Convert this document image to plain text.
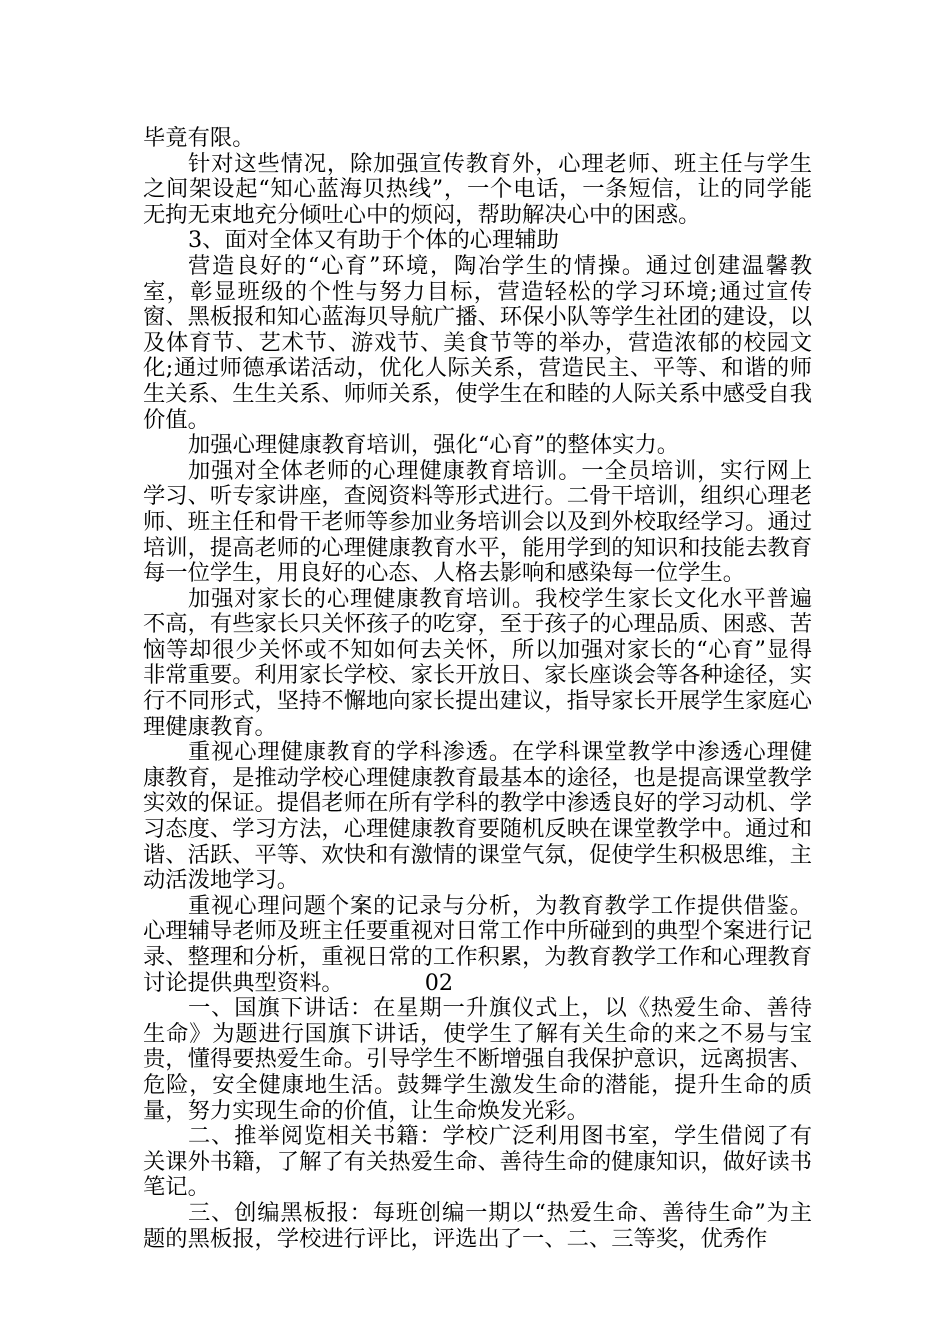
毕竟有限。

针对这些情况，除加强宣传教育外，心理老师、班主任与学生之间架设起“知心蓝海贝热线”，一个电话，一条短信，让的同学能无拘无束地充分倾吐心中的烦闷，帮助解决心中的困惑。

3、面对全体又有助于个体的心理辅助

营造良好的“心育”环境，陶冶学生的情操。通过创建温馨教室，彰显班级的个性与努力目标，营造轻松的学习环境;通过宣传窗、黑板报和知心蓝海贝导航广播、环保小队等学生社团的建设，以及体育节、艺术节、游戏节、美食节等的举办，营造浓郁的校园文化;通过师德承诺活动，优化人际关系，营造民主、平等、和谐的师生关系、生生关系、师师关系，使学生在和睦的人际关系中感受自我价值。

加强心理健康教育培训，强化“心育”的整体实力。

加强对全体老师的心理健康教育培训。一全员培训，实行网上学习、听专家讲座，查阅资料等形式进行。二骨干培训，组织心理老师、班主任和骨干老师等参加业务培训会以及到外校取经学习。通过培训，提高老师的心理健康教育水平，能用学到的知识和技能去教育每一位学生，用良好的心态、人格去影响和感染每一位学生。

加强对家长的心理健康教育培训。我校学生家长文化水平普遍不高，有些家长只关怀孩子的吃穿，至于孩子的心理品质、困惑、苦恼等却很少关怀或不知如何去关怀，所以加强对家长的“心育”显得非常重要。利用家长学校、家长开放日、家长座谈会等各种途径，实行不同形式，坚持不懈地向家长提出建议，指导家长开展学生家庭心理健康教育。

重视心理健康教育的学科渗透。在学科课堂教学中渗透心理健康教育，是推动学校心理健康教育最基本的途径，也是提高课堂教学实效的保证。提倡老师在所有学科的教学中渗透良好的学习动机、学习态度、学习方法，心理健康教育要随机反映在课堂教学中。通过和谐、活跃、平等、欢快和有激情的课堂气氛，促使学生积极思维，主动活泼地学习。

重视心理问题个案的记录与分析，为教育教学工作提供借鉴。心理辅导老师及班主任要重视对日常工作中所碰到的典型个案进行记录、整理和分析，重视日常的工作积累，为教育教学工作和心理教育讨论提供典型资料。	02

一、国旗下讲话：在星期一升旗仪式上，以《热爱生命、善待生命》为题进行国旗下讲话，使学生了解有关生命的来之不易与宝贵，懂得要热爱生命。引导学生不断增强自我保护意识，远离损害、危险，安全健康地生活。鼓舞学生激发生命的潜能，提升生命的质量，努力实现生命的价值，让生命焕发光彩。

二、推举阅览相关书籍：学校广泛利用图书室，学生借阅了有关课外书籍，了解了有关热爱生命、善待生命的健康知识，做好读书笔记。

三、创编黑板报：每班创编一期以“热爱生命、善待生命”为主题的黑板报，学校进行评比，评选出了一、二、三等奖，优秀作
